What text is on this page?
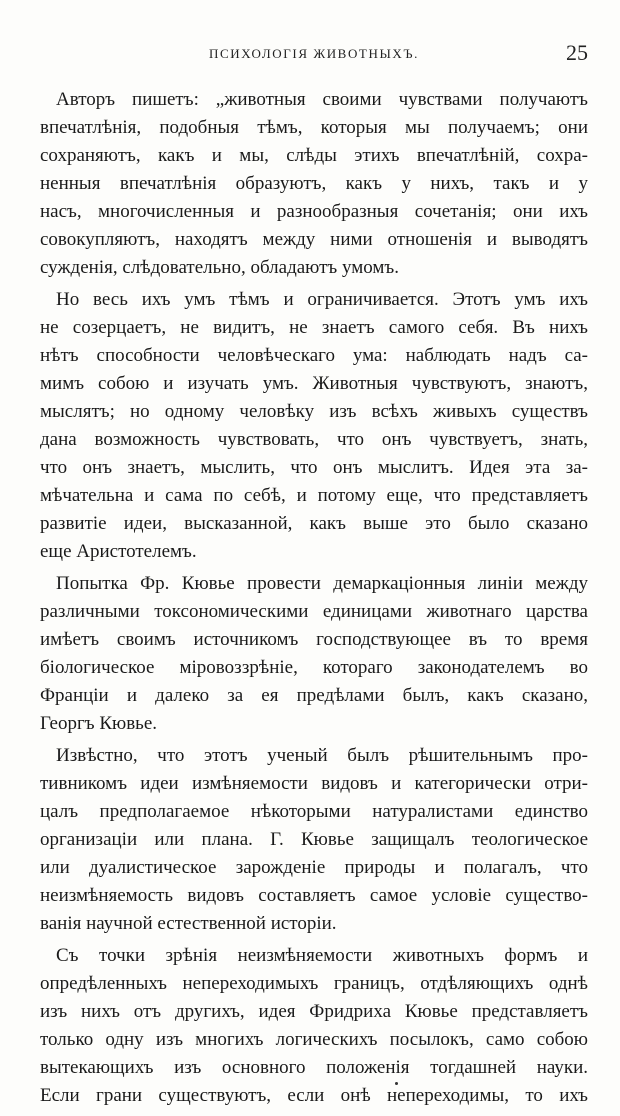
ПСИХОЛОГІЯ ЖИВОТНЫХЪ.	25
Авторъ пишетъ: „животныя своими чувствами получаютъ
впечатлѣнія, подобныя тѣмъ, которыя мы получаемъ; они
сохраняютъ, какъ и мы, слѣды этихъ впечатлѣній, сохра-
ненныя впечатлѣнія образуютъ, какъ у нихъ, такъ и у
насъ, многочисленныя и разнообразныя сочетанія; они ихъ
совокупляютъ, находятъ между ними отношенія и выводятъ
сужденія, слѣдовательно, обладаютъ умомъ.
Но весь ихъ умъ тѣмъ и ограничивается. Этотъ умъ ихъ
не созерцаетъ, не видитъ, не знаетъ самого себя. Въ нихъ
нѣтъ способности человѣческаго ума: наблюдать надъ са-
мимъ собою и изучать умъ. Животныя чувствуютъ, знаютъ,
мыслятъ; но одному человѣку изъ всѣхъ живыхъ существъ
дана возможность чувствовать, что онъ чувствуетъ, знать,
что онъ знаетъ, мыслить, что онъ мыслитъ. Идея эта за-
мѣчательна и сама по себѣ, и потому еще, что представляетъ
развитіе идеи, высказанной, какъ выше это было сказано
еще Аристотелемъ.
Попытка Фр. Кювье провести демаркаціонныя линіи между
различными токсономическими единицами животнаго царства
имѣетъ своимъ источникомъ господствующее въ то время
біологическое міровоззрѣніе, котораго законодателемъ во
Франціи и далеко за ея предѣлами былъ, какъ сказано,
Георгъ Кювье.
Извѣстно, что этотъ ученый былъ рѣшительнымъ про-
тивникомъ идеи измѣняемости видовъ и категорически отри-
цалъ предполагаемое нѣкоторыми натуралистами единство
организаціи или плана. Г. Кювье защищалъ теологическое
или дуалистическое зарожденіе природы и полагалъ, что
неизмѣняемость видовъ составляетъ самое условіе существо-
ванія научной естественной исторіи.
Съ точки зрѣнія неизмѣняемости животныхъ формъ и
опредѣленныхъ непереходимыхъ границъ, отдѣляющихъ однѣ
изъ нихъ отъ другихъ, идея Фридриха Кювье представляетъ
только одну изъ многихъ логическихъ посылокъ, само собою
вытекающихъ изъ основного положенія тогдашней науки.
Если грани существуютъ, если онѣ непереходимы, то ихъ
